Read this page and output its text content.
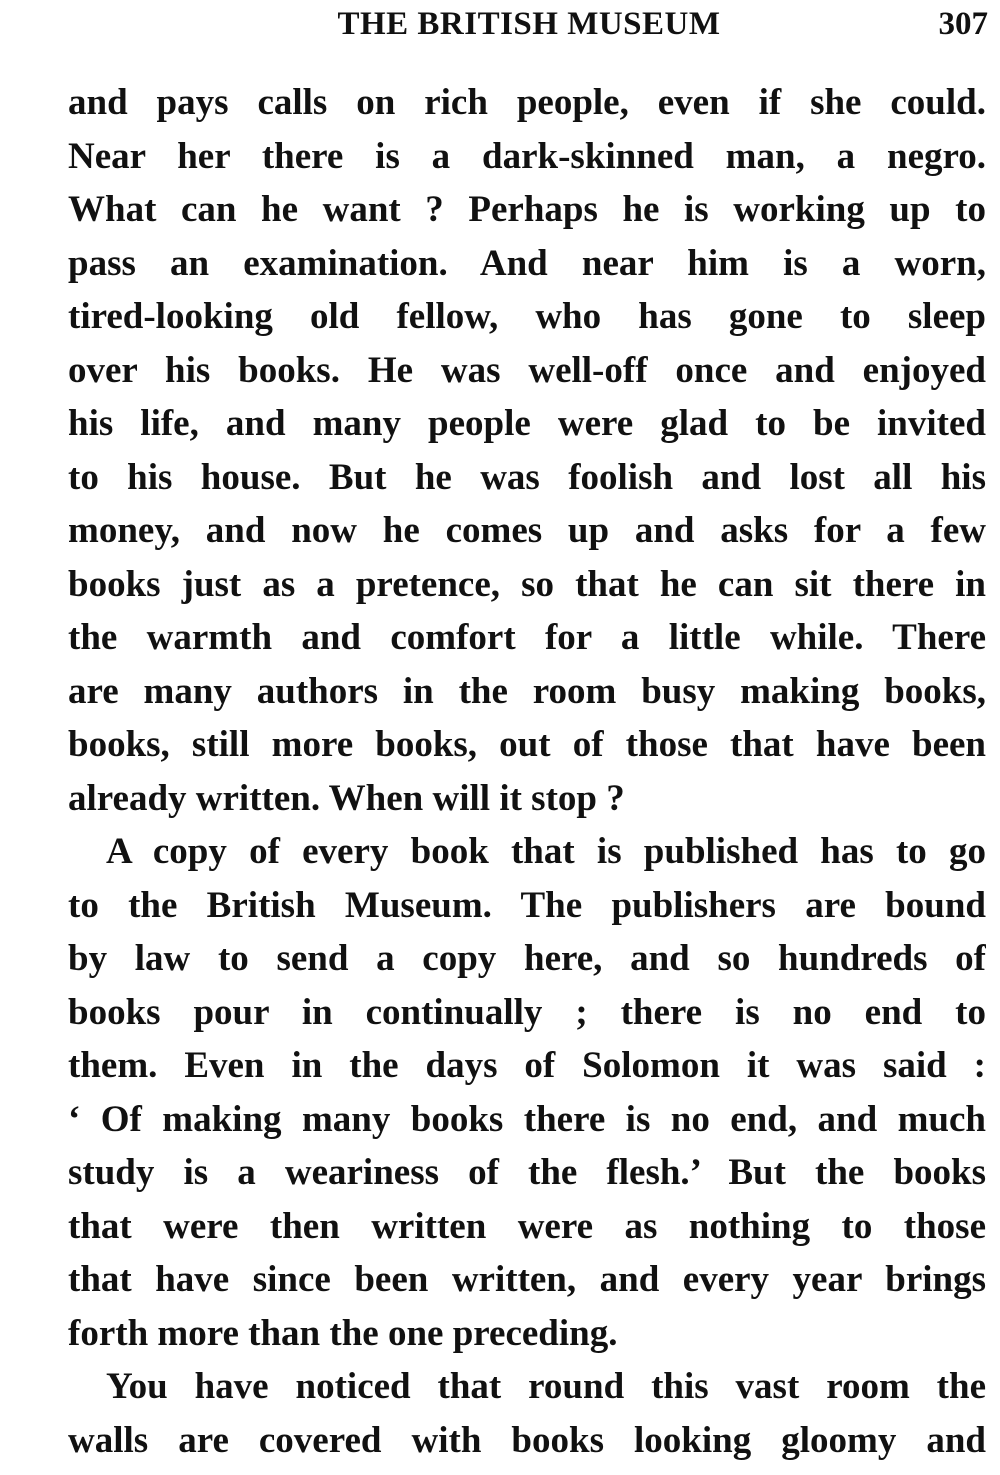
THE BRITISH MUSEUM	307
and pays calls on rich people, even if she could.
Near her there is a dark-skinned man, a negro.
What can he want ? Perhaps he is working up to
pass an examination. And near him is a worn,
tired-looking old fellow, who has gone to sleep
over his books. He was well-off once and enjoyed
his life, and many people were glad to be invited
to his house. But he was foolish and lost all his
money, and now he comes up and asks for a few
books just as a pretence, so that he can sit there in
the warmth and comfort for a little while. There
are many authors in the room busy making books,
books, still more books, out of those that have been
already written. When will it stop ?
A copy of every book that is published has to go
to the British Museum. The publishers are bound
by law to send a copy here, and so hundreds of
books pour in continually ; there is no end to
them. Even in the days of Solomon it was said :
‘ Of making many books there is no end, and much
study is a weariness of the flesh.’ But the books
that were then written were as nothing to those
that have since been written, and every year brings
forth more than the one preceding.
You have noticed that round this vast room the
walls are covered with books looking gloomy and
